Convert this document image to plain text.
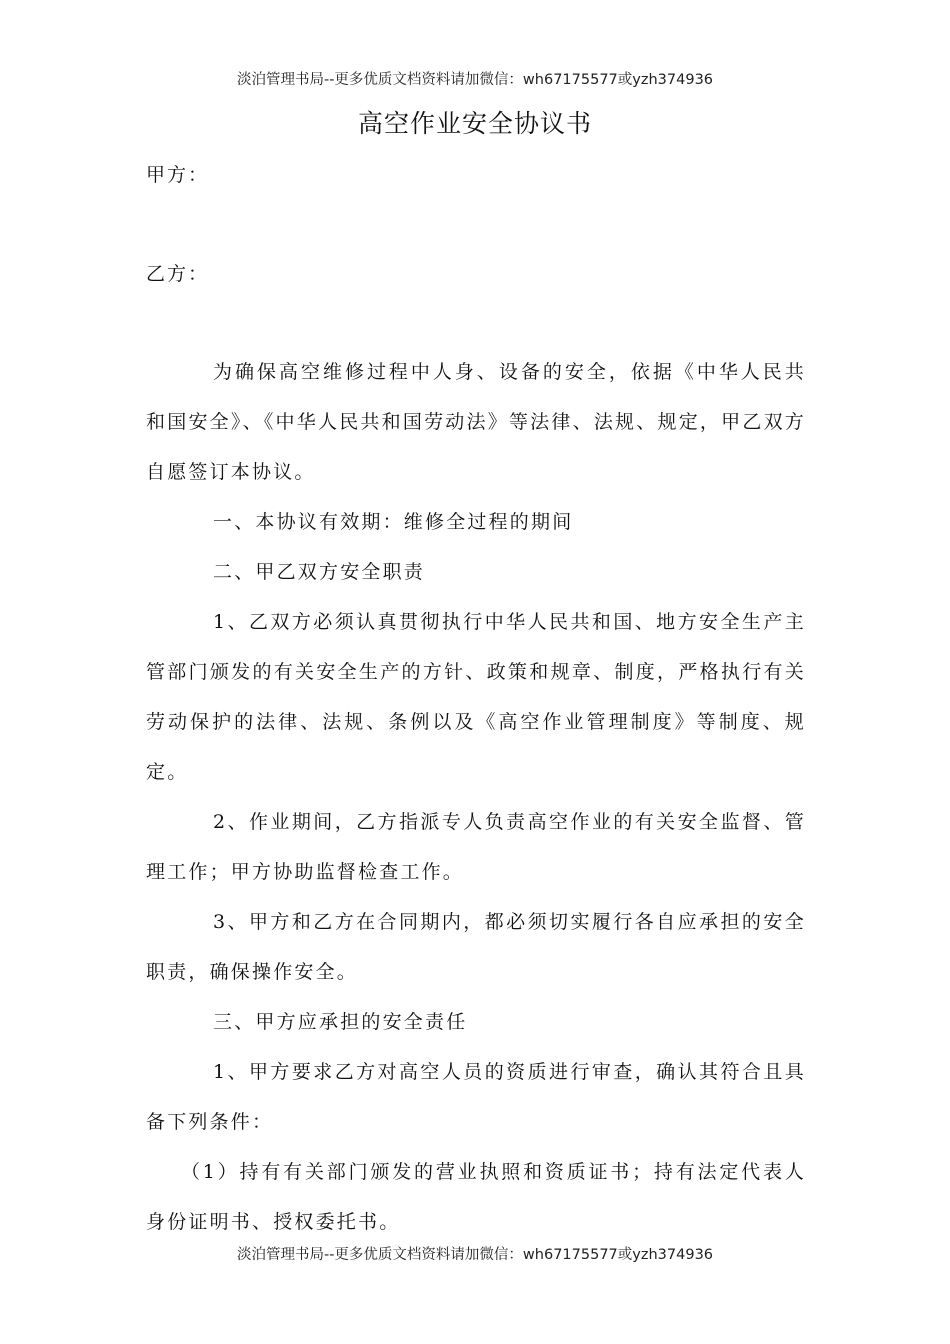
淡泊管理书局--更多优质文档资料请加微信：wh67175577或yzh374936
高空作业安全协议书
甲方：
乙方：

为确保高空维修过程中人身、设备的安全，依据《中华人民共和国安全》、《中华人民共和国劳动法》等法律、法规、规定，甲乙双方自愿签订本协议。

一、本协议有效期：维修全过程的期间

二、甲乙双方安全职责

1、乙双方必须认真贯彻执行中华人民共和国、地方安全生产主管部门颁发的有关安全生产的方针、政策和规章、制度，严格执行有关劳动保护的法律、法规、条例以及《高空作业管理制度》等制度、规定。

2、作业期间，乙方指派专人负责高空作业的有关安全监督、管理工作；甲方协助监督检查工作。

3、甲方和乙方在合同期内，都必须切实履行各自应承担的安全职责，确保操作安全。

三、甲方应承担的安全责任

1、甲方要求乙方对高空人员的资质进行审查，确认其符合且具备下列条件：

（1）持有有关部门颁发的营业执照和资质证书；持有法定代表人身份证明书、授权委托书。

淡泊管理书局--更多优质文档资料请加微信：wh67175577或yzh374936
